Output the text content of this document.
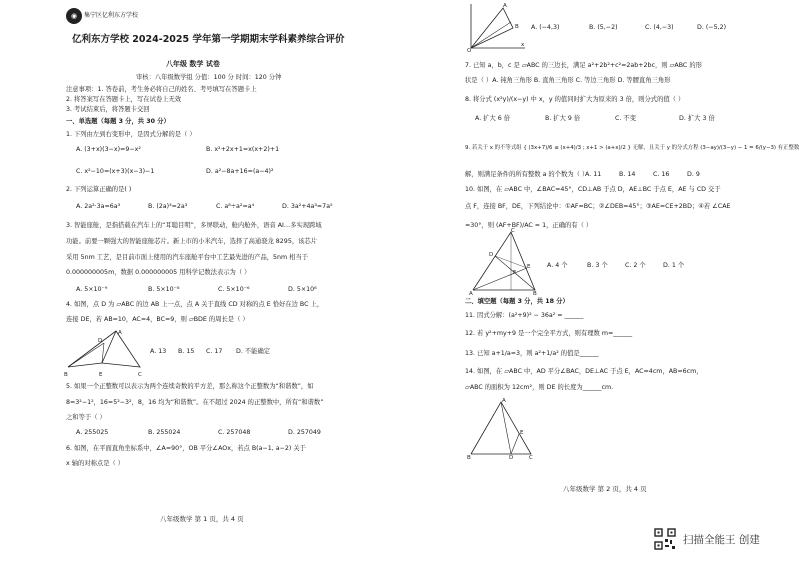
◉	集宁区亿利东方学校
亿利东方学校 2024-2025 学年第一学期期末学科素养综合评价
八年级 数学 试卷
审核：八年级数学组 分值：100 分 时间：120 分钟
注意事项：1. 答卷前，考生务必将自己的姓名、考号填写在答题卡上
2. 将答案写在答题卡上，写在试卷上无效
3. 考试结束后，将答题卡交回
一、单选题（每题 3 分，共 30 分）
1. 下列由左到右变形中，是因式分解的是（ ）
A. (3+x)(3−x)=9−x²	B. x²+2x+1=x(x+2)+1
C. x²−10=(x+3)(x−3)−1	D. a²−8a+16=(a−4)²
2. 下列运算正确的是( )
A. 2a²·3a=6a³	B. (2a)³=2a³	C. a⁸÷a²=a⁴	D. 3a²+4a³=7a⁵
3. 智能座舱，是指搭载在汽车上的“耳聪目明”，多屏联动，舱内舱外，语音 AI…多实现跨域
功能。前要一颗强大的智能座舱芯片。新上市的小米汽车，选择了高通骁龙 8295，该芯片
采用 5nm 工艺，是目前市面上使用的汽车座舱平台中工艺最先进的产品，5nm 相当于
0.000000005m，数据 0.000000005 用科学记数法表示为（ ）
A. 5×10⁻⁹	B. 5×10⁻⁸	C. 5×10⁻⁶	D. 5×10⁸
4. 如图，点 D 为 ▱ABC 的边 AB 上一点，点 A 关于直线 CD 对称的点 E 恰好在边 BC 上，
连接 DE，若 AB=10，AC=4，BC=9，则 ▱BDE 的周长是（ ）
B	E	C
A
D
A. 13 B. 15 C. 17 D. 不能确定
5. 如果一个正整数可以表示为两个连续奇数的平方差，那么称这个正整数为“和谐数”，如
8=3²−1²，16=5²−3²，8，16 均为“和谐数”。在不超过 2024 的正整数中，所有“和谐数”
之和等于（ ）
A. 255025	B. 255024	C. 257048	D. 257049
6. 如图，在平面直角坐标系中，∠A=90°，OB 平分∠AOx，若点 B(a−1, a−2) 关于
x 轴的对称点是（ ）
八年级数学 第 1 页，共 4 页
O
A
B
x
A. (−4,3)	B. (5,−2)	C. (4,−3)	D. (−5,2)
7. 已知 a，b，c 是 ▱ABC 的三边长，满足 a²+2b²+c²=2ab+2bc，则 ▱ABC 的形
状是（ ）A. 钝角三角形 B. 直角三角形 C. 等边三角形 D. 等腰直角三角形
8. 将分式 (x²y)/(x−y) 中 x，y 的值同时扩大为原来的 3 倍，则分式的值（ ）
A. 扩大 6 倍	B. 扩大 9 倍	C. 不变	D. 扩大 3 倍
9. 若关于 x 的不等式组 { (3x+7)/6 ≤ (x+4)/3 ; x+1 > (a+x)/2 } 无解，且关于 y 的分式方程 (3−ay)/(3−y) − 1 = 6/(y−3) 有正整数
解，则满足条件的所有整数 a 的个数为（ ）
A. 11	B. 14	C. 16	D. 9
10. 如图，在 ▱ABC 中，∠BAC=45°，CD⊥AB 于点 D，AE⊥BC 于点 E，AE 与 CD 交于
点 F，连接 BF，DE，下列结论中：①AF=BC；②∠DEB=45°；③AE=CE+2BD；④若 ∠CAE
=30°，则 (AF+BF)/AC = 1，正确的有（ ）
A	B
C
E
D
F
A. 4 个	B. 3 个	C. 2 个	D. 1 个
二、填空题（每题 3 分，共 18 分）
11. 因式分解：(a²+9)² − 36a² = ______
12. 若 y²+my+9 是一个完全平方式，则有理数 m=______
13. 已知 a+1/a=3，则 a²+1/a² 的值是______
14. 如图，在 ▱ABC 中，AD 平分∠BAC，DE⊥AC 于点 E，AC=4cm，AB=6cm，
▱ABC 的面积为 12cm²，则 DE 的长度为______cm.
B	D	C
A
E
八年级数学 第 2 页，共 4 页
扫描全能王 创建
